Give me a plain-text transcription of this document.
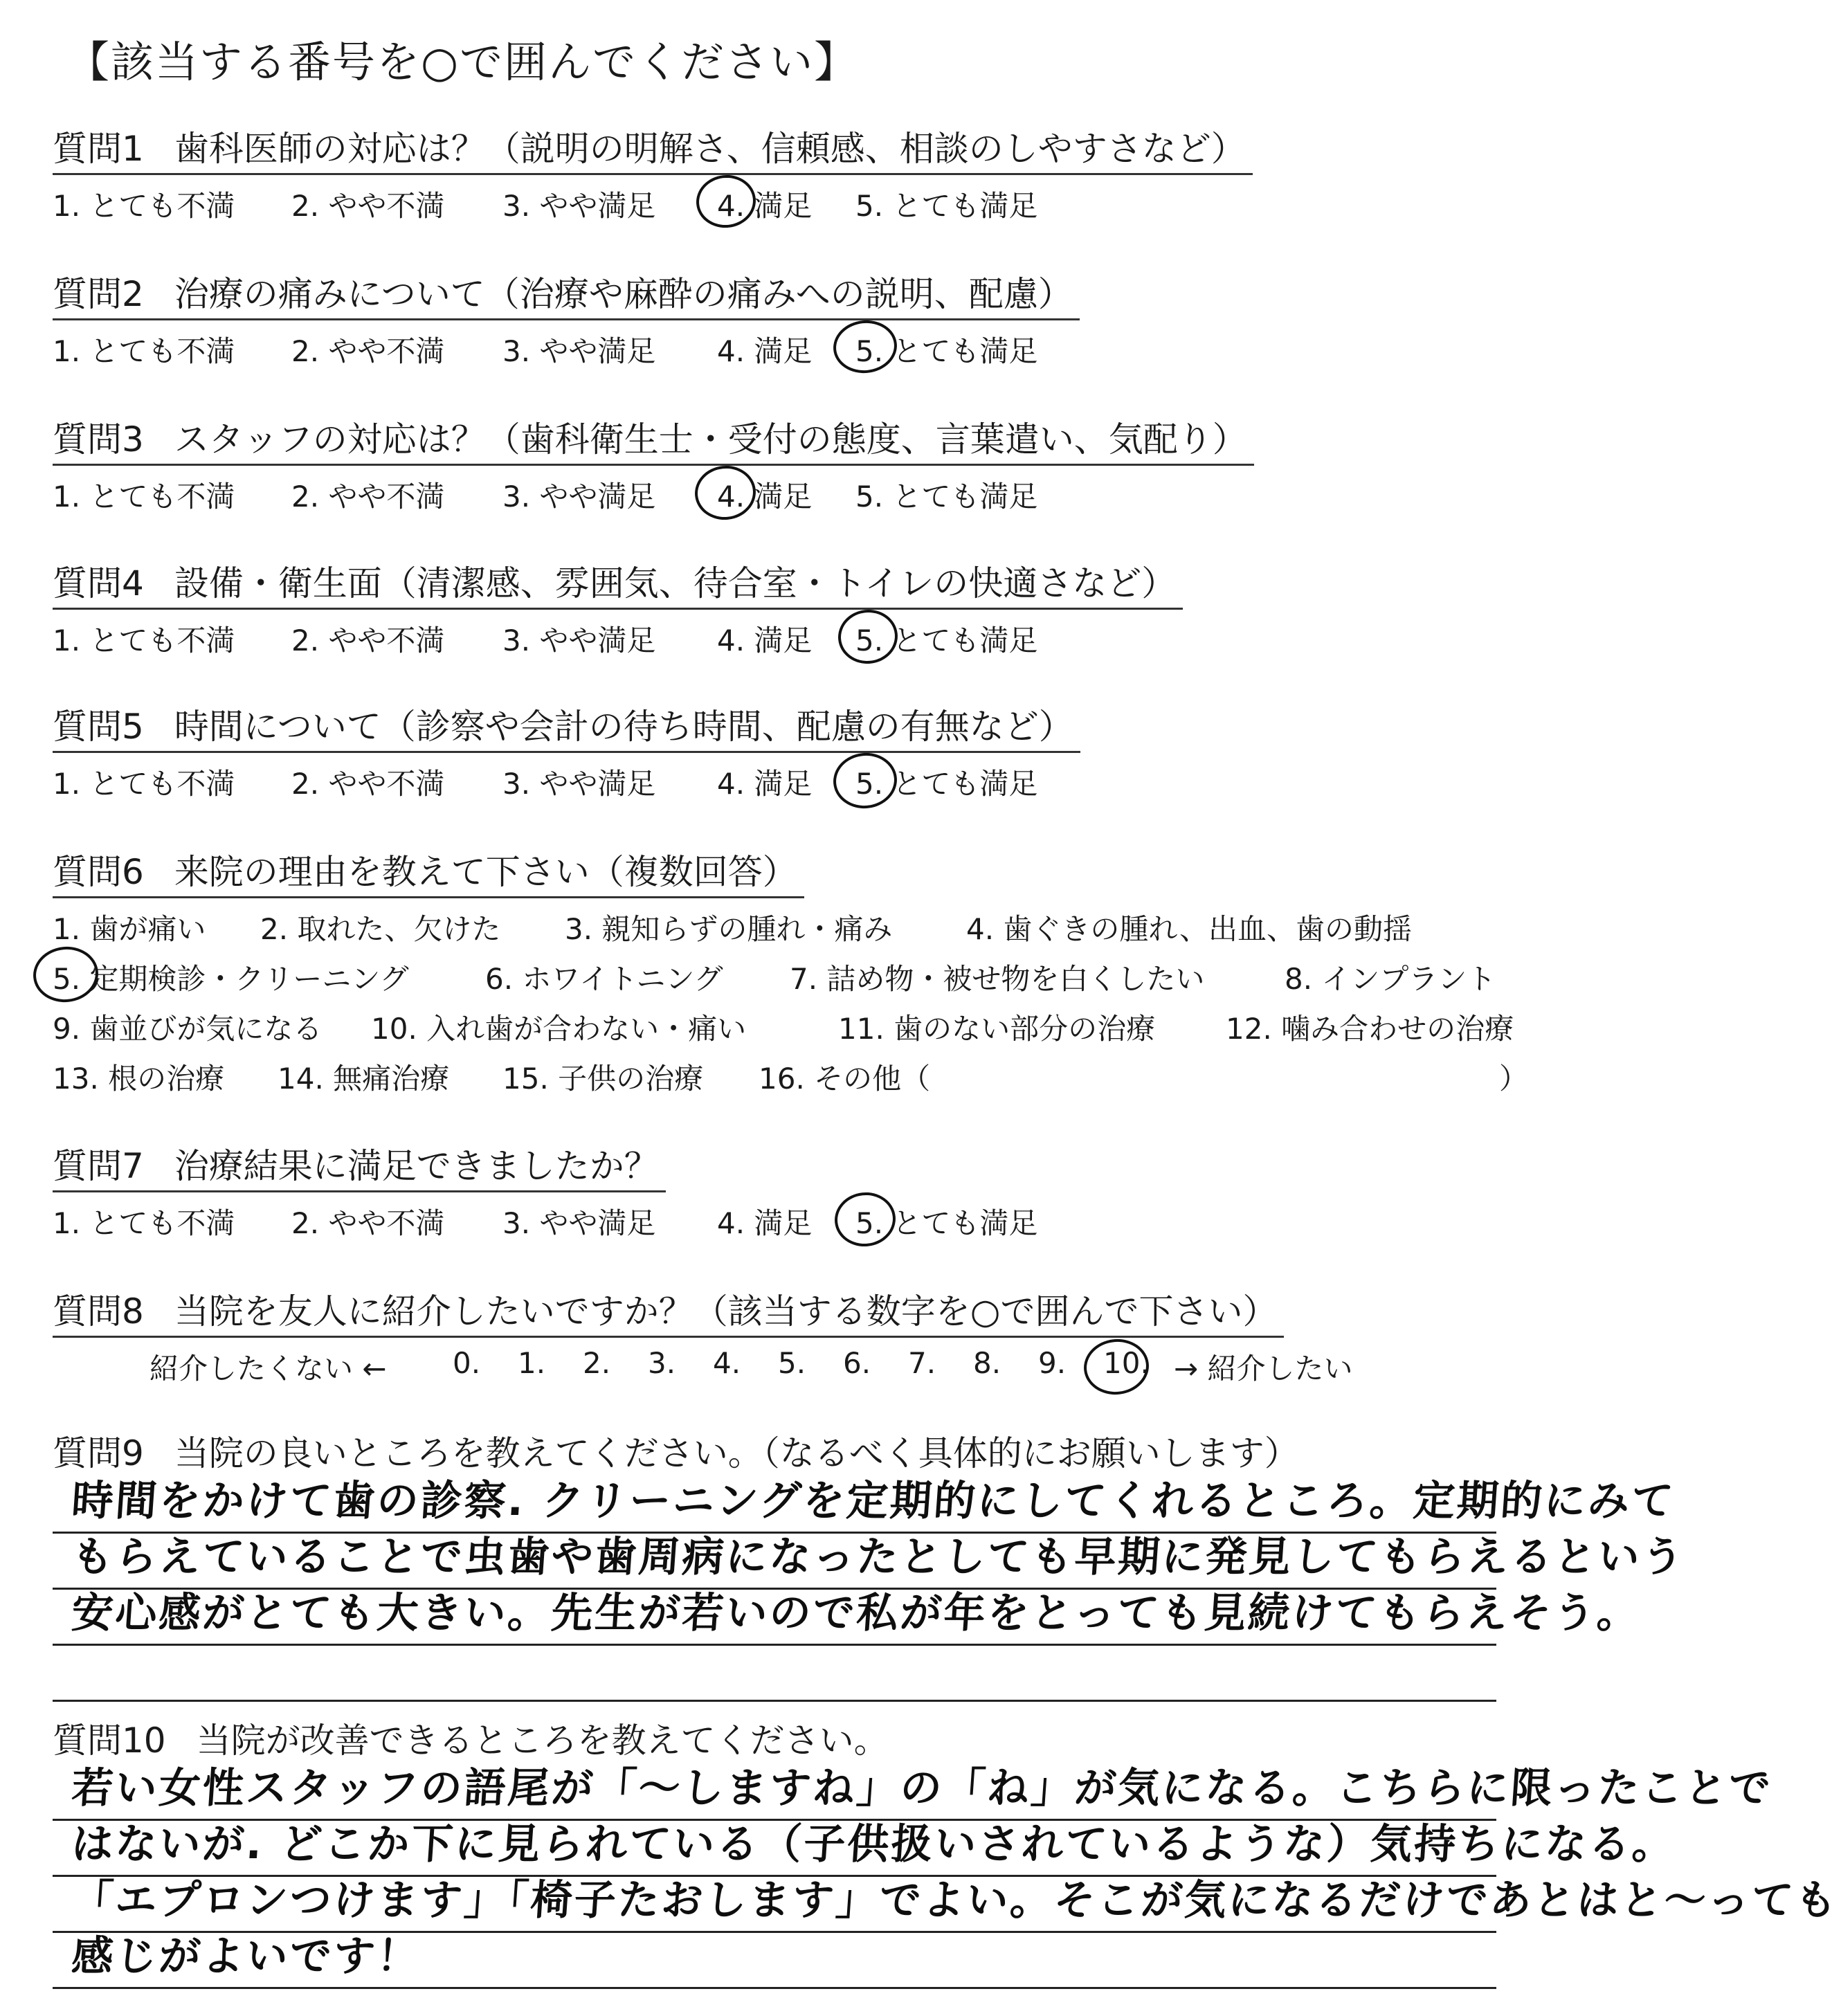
【該当する番号を○で囲んでください】
質問1 歯科医師の対応は？（説明の明解さ、信頼感、相談のしやすさなど）
1. とても不満 2. やや不満 3. やや満足 4. 満足 5. とても満足
質問2 治療の痛みについて（治療や麻酔の痛みへの説明、配慮）
1. とても不満 2. やや不満 3. やや満足 4. 満足 5. とても満足
質問3 スタッフの対応は？（歯科衛生士・受付の態度、言葉遣い、気配り）
1. とても不満 2. やや不満 3. やや満足 4. 満足 5. とても満足
質問4 設備・衛生面（清潔感、雰囲気、待合室・トイレの快適さなど）
1. とても不満 2. やや不満 3. やや満足 4. 満足 5. とても満足
質問5 時間について（診察や会計の待ち時間、配慮の有無など）
1. とても不満 2. やや不満 3. やや満足 4. 満足 5. とても満足
質問6 来院の理由を教えて下さい（複数回答）
1. 歯が痛い 2. 取れた、欠けた 3. 親知らずの腫れ・痛み	4. 歯ぐきの腫れ、出血、歯の動揺
5. 定期検診・クリーニング	6. ホワイトニング 7. 詰め物・被せ物を白くしたい	8. インプラント
9. 歯並びが気になる 10. 入れ歯が合わない・痛い	11. 歯のない部分の治療 12. 噛み合わせの治療
13. 根の治療 14. 無痛治療 15. 子供の治療 16. その他（	）
質問7 治療結果に満足できましたか？
1. とても不満 2. やや不満 3. やや満足 4. 満足 5. とても満足
質問8 当院を友人に紹介したいですか？（該当する数字を○で囲んで下さい）
紹介したくない ← 0. 1. 2. 3. 4. 5. 6. 7. 8. 9. 10. → 紹介したい
質問9 当院の良いところを教えてください。（なるべく具体的にお願いします）
時間をかけて歯の診察. クリーニングを定期的にしてくれるところ。定期的にみて
もらえていることで虫歯や歯周病になったとしても早期に発見してもらえるという
安心感がとても大きい。先生が若いので私が年をとっても見続けてもらえそう。
質問10 当院が改善できるところを教えてください。
若い女性スタッフの語尾が「～しますね」の「ね」が気になる。こちらに限ったことで
はないが. どこか下に見られている（子供扱いされているような）気持ちになる。
「エプロンつけます」「椅子たおします」でよい。そこが気になるだけであとはと～っても
感じがよいです！
